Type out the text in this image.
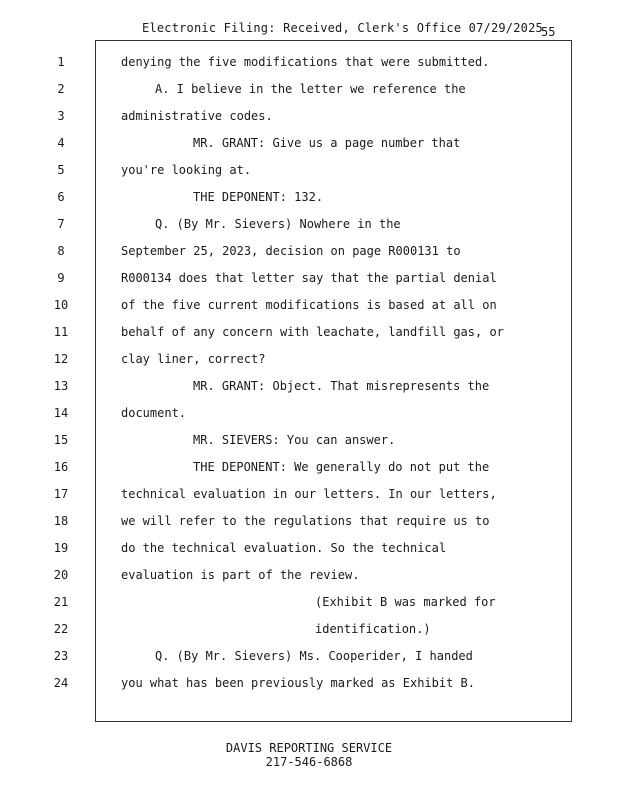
Electronic Filing: Received, Clerk's Office 07/29/2025
55
1	denying the five modifications that were submitted.
2	A. I believe in the letter we reference the
3	administrative codes.
4	MR. GRANT: Give us a page number that
5	you're looking at.
6	THE DEPONENT: 132.
7	Q. (By Mr. Sievers) Nowhere in the
8	September 25, 2023, decision on page R000131 to
9	R000134 does that letter say that the partial denial
10	of the five current modifications is based at all on
11	behalf of any concern with leachate, landfill gas, or
12	clay liner, correct?
13	MR. GRANT: Object. That misrepresents the
14	document.
15	MR. SIEVERS: You can answer.
16	THE DEPONENT: We generally do not put the
17	technical evaluation in our letters. In our letters,
18	we will refer to the regulations that require us to
19	do the technical evaluation. So the technical
20	evaluation is part of the review.
21	(Exhibit B was marked for
22	identification.)
23	Q. (By Mr. Sievers) Ms. Cooperider, I handed
24	you what has been previously marked as Exhibit B.
DAVIS REPORTING SERVICE
217-546-6868
